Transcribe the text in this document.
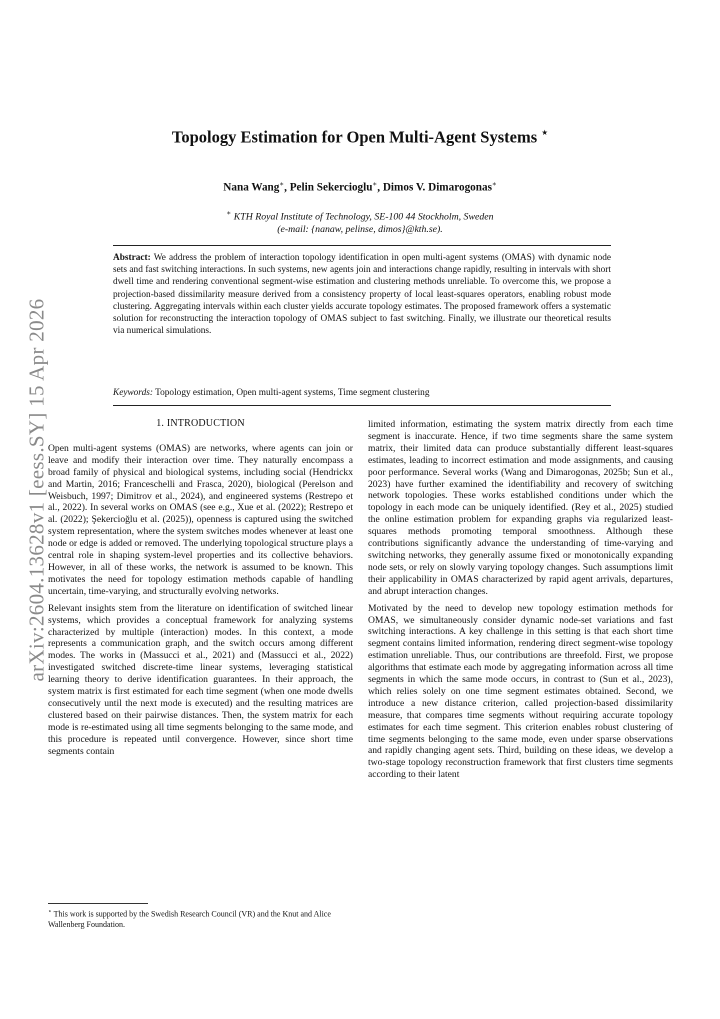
arXiv:2604.13628v1 [eess.SY] 15 Apr 2026
Topology Estimation for Open Multi-Agent Systems ⋆
Nana Wang∗, Pelin Sekercioglu∗, Dimos V. Dimarogonas∗
∗ KTH Royal Institute of Technology, SE-100 44 Stockholm, Sweden
(e-mail: {nanaw, pelinse, dimos}@kth.se).
Abstract: We address the problem of interaction topology identification in open multi-agent systems (OMAS) with dynamic node sets and fast switching interactions. In such systems, new agents join and interactions change rapidly, resulting in intervals with short dwell time and rendering conventional segment-wise estimation and clustering methods unreliable. To overcome this, we propose a projection-based dissimilarity measure derived from a consistency property of local least-squares operators, enabling robust mode clustering. Aggregating intervals within each cluster yields accurate topology estimates. The proposed framework offers a systematic solution for reconstructing the interaction topology of OMAS subject to fast switching. Finally, we illustrate our theoretical results via numerical simulations.
Keywords: Topology estimation, Open multi-agent systems, Time segment clustering
1. INTRODUCTION

Open multi-agent systems (OMAS) are networks, where agents can join or leave and modify their interaction over time. They naturally encompass a broad family of physical and biological systems, including social (Hendrickx and Martin, 2016; Franceschelli and Frasca, 2020), biological (Perelson and Weisbuch, 1997; Dimitrov et al., 2024), and engineered systems (Restrepo et al., 2022). In several works on OMAS (see e.g., Xue et al. (2022); Restrepo et al. (2022); Şekercioğlu et al. (2025)), openness is captured using the switched system representation, where the system switches modes whenever at least one node or edge is added or removed. The underlying topological structure plays a central role in shaping system-level properties and its collective behaviors. However, in all of these works, the network is assumed to be known. This motivates the need for topology estimation methods capable of handling uncertain, time-varying, and structurally evolving networks.

Relevant insights stem from the literature on identification of switched linear systems, which provides a conceptual framework for analyzing systems characterized by multiple (interaction) modes. In this context, a mode represents a communication graph, and the switch occurs among different modes. The works in (Massucci et al., 2021) and (Massucci et al., 2022) investigated switched discrete-time linear systems, leveraging statistical learning theory to derive identification guarantees. In their approach, the system matrix is first estimated for each time segment (when one mode dwells consecutively until the next mode is executed) and the resulting matrices are clustered based on their pairwise distances. Then, the system matrix for each mode is re-estimated using all time segments belonging to the same mode, and this procedure is repeated until convergence. However, since short time segments contain

limited information, estimating the system matrix directly from each time segment is inaccurate. Hence, if two time segments share the same system matrix, their limited data can produce substantially different least-squares estimates, leading to incorrect estimation and mode assignments, and causing poor performance. Several works (Wang and Dimarogonas, 2025b; Sun et al., 2023) have further examined the identifiability and recovery of switching network topologies. These works established conditions under which the topology in each mode can be uniquely identified. (Rey et al., 2025) studied the online estimation problem for expanding graphs via regularized least-squares methods promoting temporal smoothness. Although these contributions significantly advance the understanding of time-varying and switching networks, they generally assume fixed or monotonically expanding node sets, or rely on slowly varying topology changes. Such assumptions limit their applicability in OMAS characterized by rapid agent arrivals, departures, and abrupt interaction changes.

Motivated by the need to develop new topology estimation methods for OMAS, we simultaneously consider dynamic node-set variations and fast switching interactions. A key challenge in this setting is that each short time segment contains limited information, rendering direct segment-wise topology estimation unreliable. Thus, our contributions are threefold. First, we propose algorithms that estimate each mode by aggregating information across all time segments in which the same mode occurs, in contrast to (Sun et al., 2023), which relies solely on one time segment estimates obtained. Second, we introduce a new distance criterion, called projection-based dissimilarity measure, that compares time segments without requiring accurate topology estimates for each time segment. This criterion enables robust clustering of time segments belonging to the same mode, even under sparse observations and rapidly changing agent sets. Third, building on these ideas, we develop a two-stage topology reconstruction framework that first clusters time segments according to their latent

⋆ This work is supported by the Swedish Research Council (VR) and the Knut and Alice Wallenberg Foundation.
